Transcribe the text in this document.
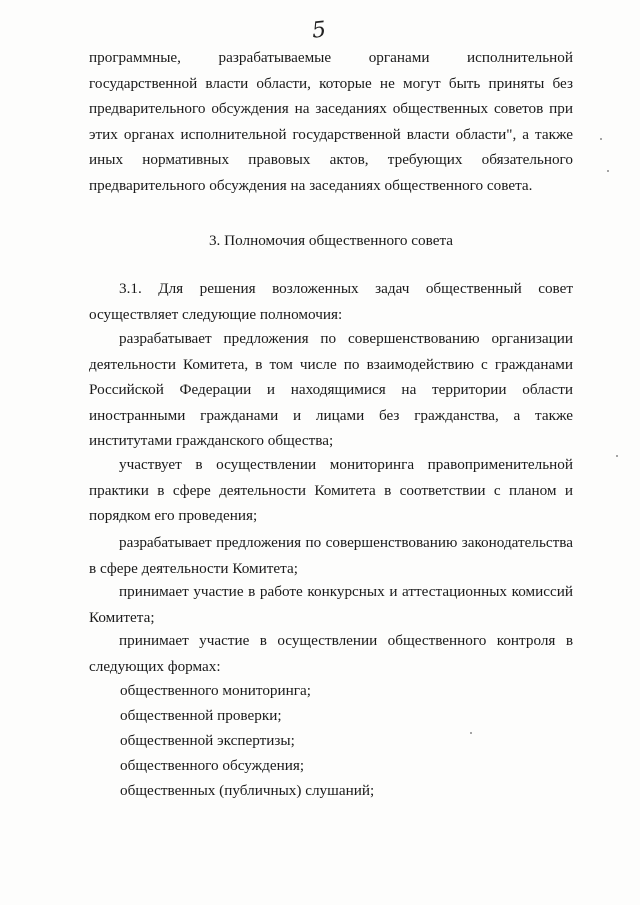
5

программные, разрабатываемые органами исполнительной государственной власти области, которые не могут быть приняты без предварительного обсуждения на заседаниях общественных советов при этих органах исполнительной государственной власти области", а также иных нормативных правовых актов, требующих обязательного предварительного обсуждения на заседаниях общественного совета.

3. Полномочия общественного совета

3.1. Для решения возложенных задач общественный совет осуществляет следующие полномочия:

разрабатывает предложения по совершенствованию организации деятельности Комитета, в том числе по взаимодействию с гражданами Российской Федерации и находящимися на территории области иностранными гражданами и лицами без гражданства, а также институтами гражданского общества;

участвует в осуществлении мониторинга правоприменительной практики в сфере деятельности Комитета в соответствии с планом и порядком его проведения;

разрабатывает предложения по совершенствованию законодательства в сфере деятельности Комитета;

принимает участие в работе конкурсных и аттестационных комиссий Комитета;

принимает участие в осуществлении общественного контроля в следующих формах:

общественного мониторинга;

общественной проверки;

общественной экспертизы;

общественного обсуждения;

общественных (публичных) слушаний;
